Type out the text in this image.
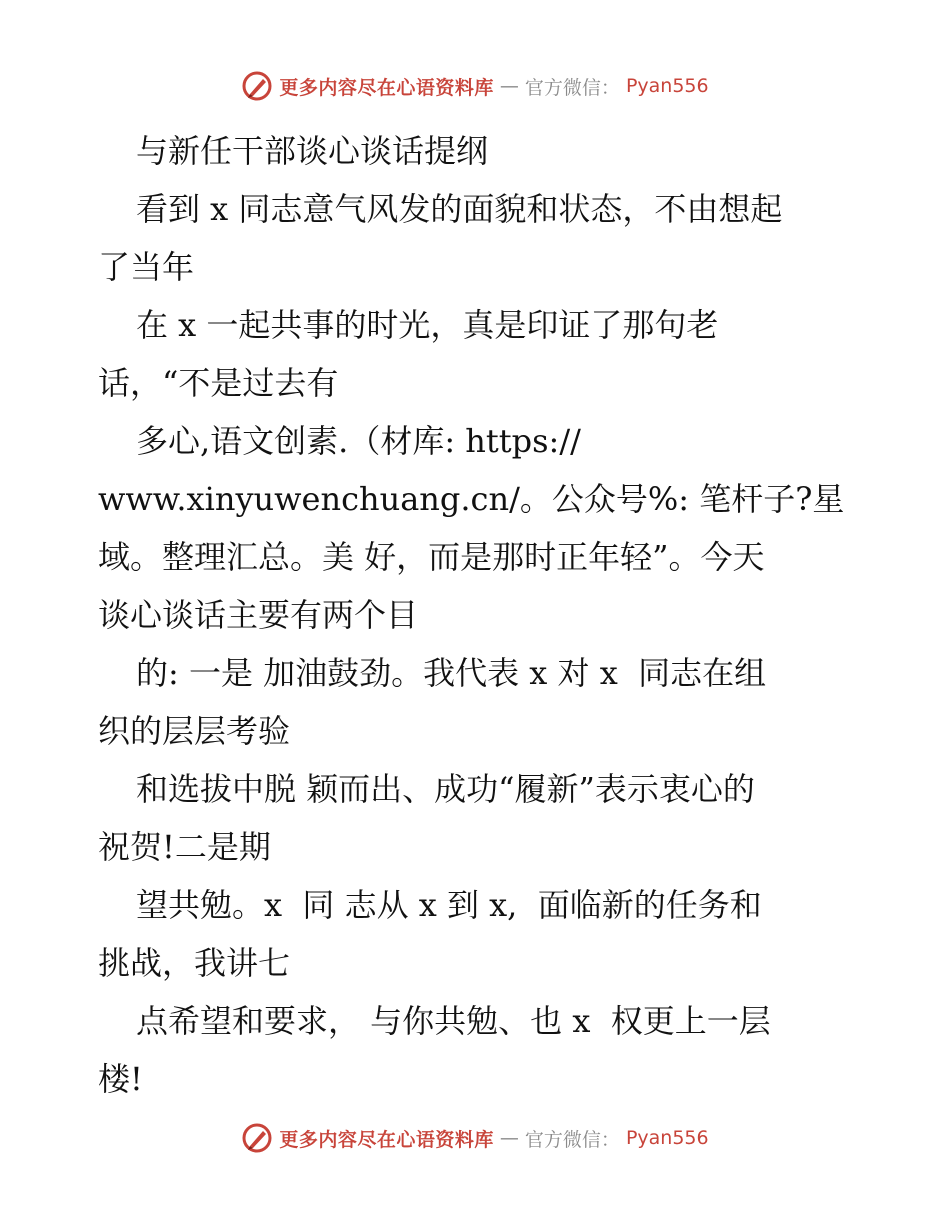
更多内容尽在心语资料库 — 官方微信： Pyan556
与新任干部谈心谈话提纲
看到 x 同志意气风发的面貌和状态，不由想起
了当年
在 x 一起共事的时光，真是印证了那句老
话，“不是过去有
多心,语文创素.（材库: https://
www.xinyuwenchuang.cn/。公众号%: 笔杆子?星
域。整理汇总。美 好，而是那时正年轻”。今天
谈心谈话主要有两个目
的: 一是 加油鼓劲。我代表 x 对 x  同志在组
织的层层考验
和选拔中脱 颖而出、成功“履新”表示衷心的
祝贺!二是期
望共勉。x  同 志从 x 到 x,  面临新的任务和
挑战，我讲七
点希望和要求， 与你共勉、也 x  权更上一层
楼!
更多内容尽在心语资料库 — 官方微信： Pyan556
